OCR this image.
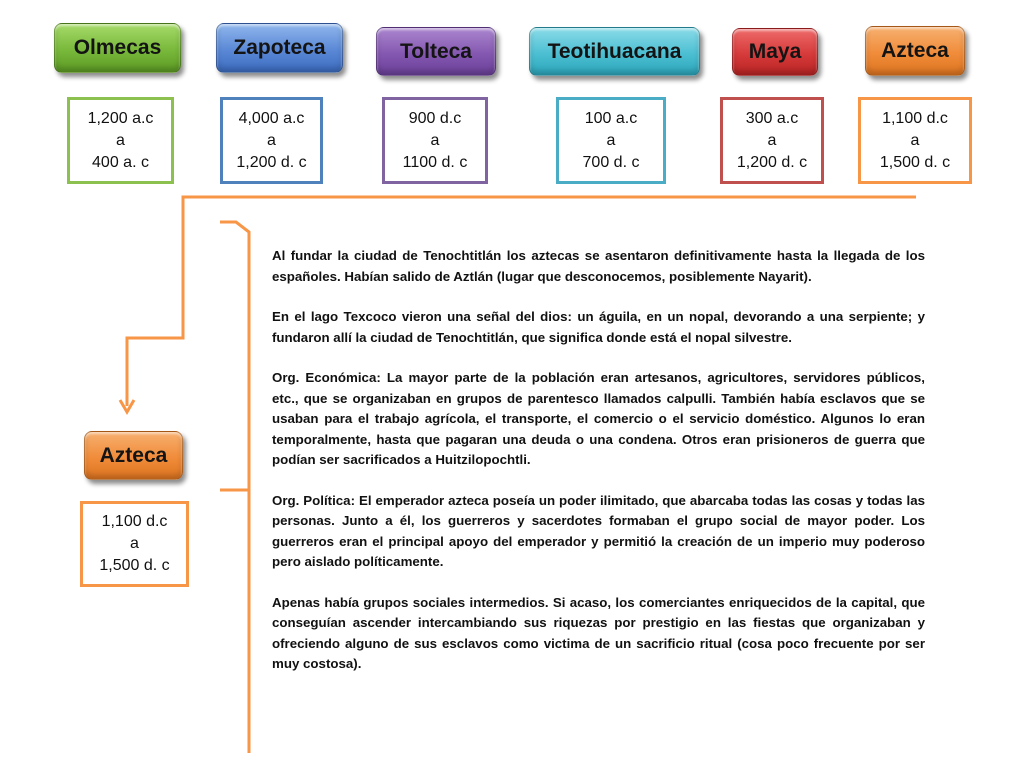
Olmecas	Zapoteca	Tolteca	Teotihuacana	Maya	Azteca
1,200 a.c
a
400 a. c
4,000 a.c
a
1,200 d. c
900 d.c
a
1100 d. c
100 a.c
a
700 d. c
300 a.c
a
1,200 d. c
1,100 d.c
a
1,500 d. c
Azteca
1,100 d.c
a
1,500 d. c

Al fundar la ciudad de Tenochtitlán los aztecas se asentaron definitivamente hasta la llegada de los españoles. Habían salido de Aztlán (lugar que desconocemos, posiblemente Nayarit).

En el lago Texcoco vieron una señal del dios: un águila, en un nopal, devorando a una serpiente; y fundaron allí la ciudad de Tenochtitlán, que significa donde está el nopal silvestre.

Org. Económica: La mayor parte de la población eran artesanos, agricultores, servidores públicos, etc., que se organizaban en grupos de parentesco llamados calpulli. También había esclavos que se usaban para el trabajo agrícola, el transporte, el comercio o el servicio doméstico. Algunos lo eran temporalmente, hasta que pagaran una deuda o una condena. Otros eran prisioneros de guerra que podían ser sacrificados a Huitzilopochtli.

Org. Política: El emperador azteca poseía un poder ilimitado, que abarcaba todas las cosas y todas las personas. Junto a él, los guerreros y sacerdotes formaban el grupo social de mayor poder. Los guerreros eran el principal apoyo del emperador y permitió la creación de un imperio muy poderoso pero aislado políticamente.

Apenas había grupos sociales intermedios. Si acaso, los comerciantes enriquecidos de la capital, que conseguían ascender intercambiando sus riquezas por prestigio en las fiestas que organizaban y ofreciendo alguno de sus esclavos como victima de un sacrificio ritual (cosa poco frecuente por ser muy costosa).
